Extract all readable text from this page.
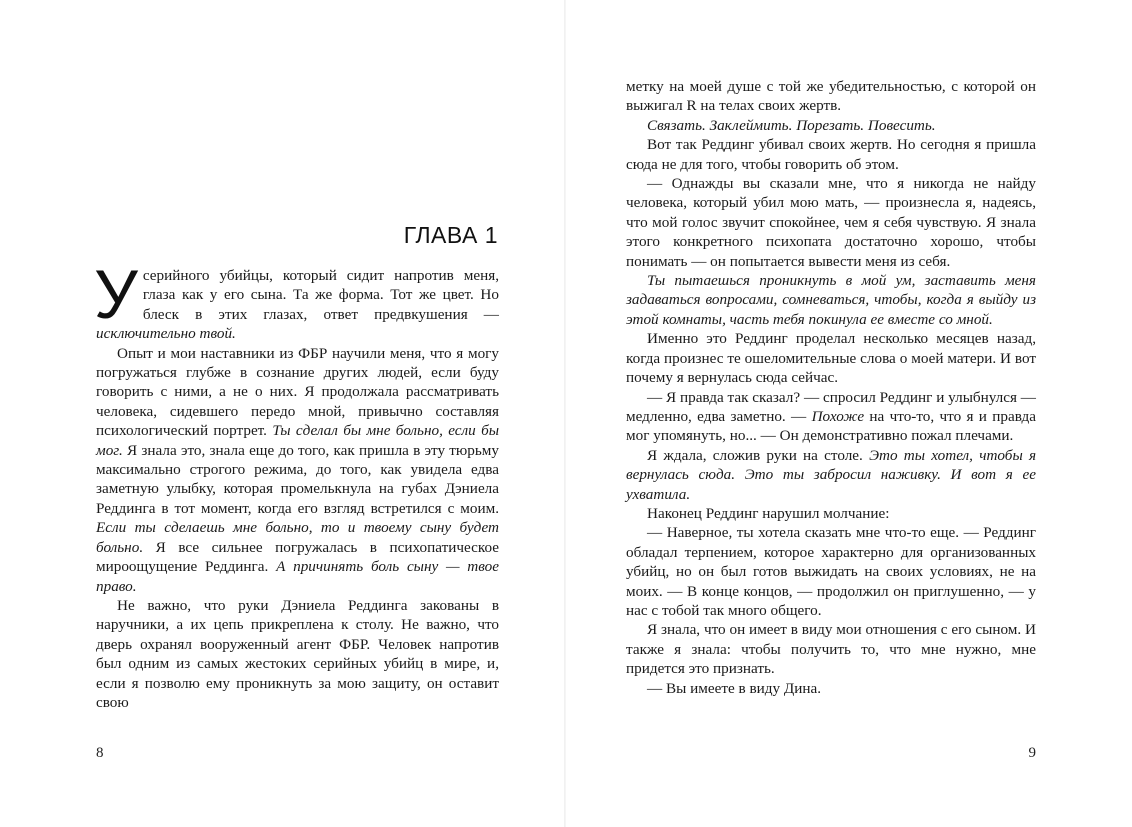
ГЛАВА 1

Усерийного убийцы, который сидит напротив меня, глаза как у его сына. Та же форма. Тот же цвет. Но блеск в этих глазах, ответ предвкушения — исключительно твой.

Опыт и мои наставники из ФБР научили меня, что я могу погружаться глубже в сознание других людей, если буду говорить с ними, а не о них. Я продолжала рассматривать человека, сидевшего передо мной, привычно составляя психологический портрет. Ты сделал бы мне больно, если бы мог. Я знала это, знала еще до того, как пришла в эту тюрьму максимально строгого режима, до того, как увидела едва заметную улыбку, которая промелькнула на губах Дэниела Реддинга в тот момент, когда его взгляд встретился с моим. Если ты сделаешь мне больно, то и твоему сыну будет больно. Я все сильнее погружалась в психопатическое мироощущение Реддинга. А причинять боль сыну — твое право.

Не важно, что руки Дэниела Реддинга закованы в наручники, а их цепь прикреплена к столу. Не важно, что дверь охранял вооруженный агент ФБР. Человек напротив был одним из самых жестоких серийных убийц в мире, и, если я позволю ему проникнуть за мою защиту, он оставит свою

8

метку на моей душе с той же убедительностью, с которой он выжигал R на телах своих жертв.

Связать. Заклеймить. Порезать. Повесить.

Вот так Реддинг убивал своих жертв. Но сегодня я пришла сюда не для того, чтобы говорить об этом.

— Однажды вы сказали мне, что я никогда не найду человека, который убил мою мать, — произнесла я, надеясь, что мой голос звучит спокойнее, чем я себя чувствую. Я знала этого конкретного психопата достаточно хорошо, чтобы понимать — он попытается вывести меня из себя.

Ты пытаешься проникнуть в мой ум, заставить меня задаваться вопросами, сомневаться, чтобы, когда я выйду из этой комнаты, часть тебя покинула ее вместе со мной.

Именно это Реддинг проделал несколько месяцев назад, когда произнес те ошеломительные слова о моей матери. И вот почему я вернулась сюда сейчас.

— Я правда так сказал? — спросил Реддинг и улыбнулся — медленно, едва заметно. — Похоже на что-то, что я и правда мог упомянуть, но... — Он демонстративно пожал плечами.

Я ждала, сложив руки на столе. Это ты хотел, чтобы я вернулась сюда. Это ты забросил наживку. И вот я ее ухватила.

Наконец Реддинг нарушил молчание:

— Наверное, ты хотела сказать мне что-то еще. — Реддинг обладал терпением, которое характерно для организованных убийц, но он был готов выжидать на своих условиях, не на моих. — В конце концов, — продолжил он приглушенно, — у нас с тобой так много общего.

Я знала, что он имеет в виду мои отношения с его сыном. И также я знала: чтобы получить то, что мне нужно, мне придется это признать.

— Вы имеете в виду Дина.

9
